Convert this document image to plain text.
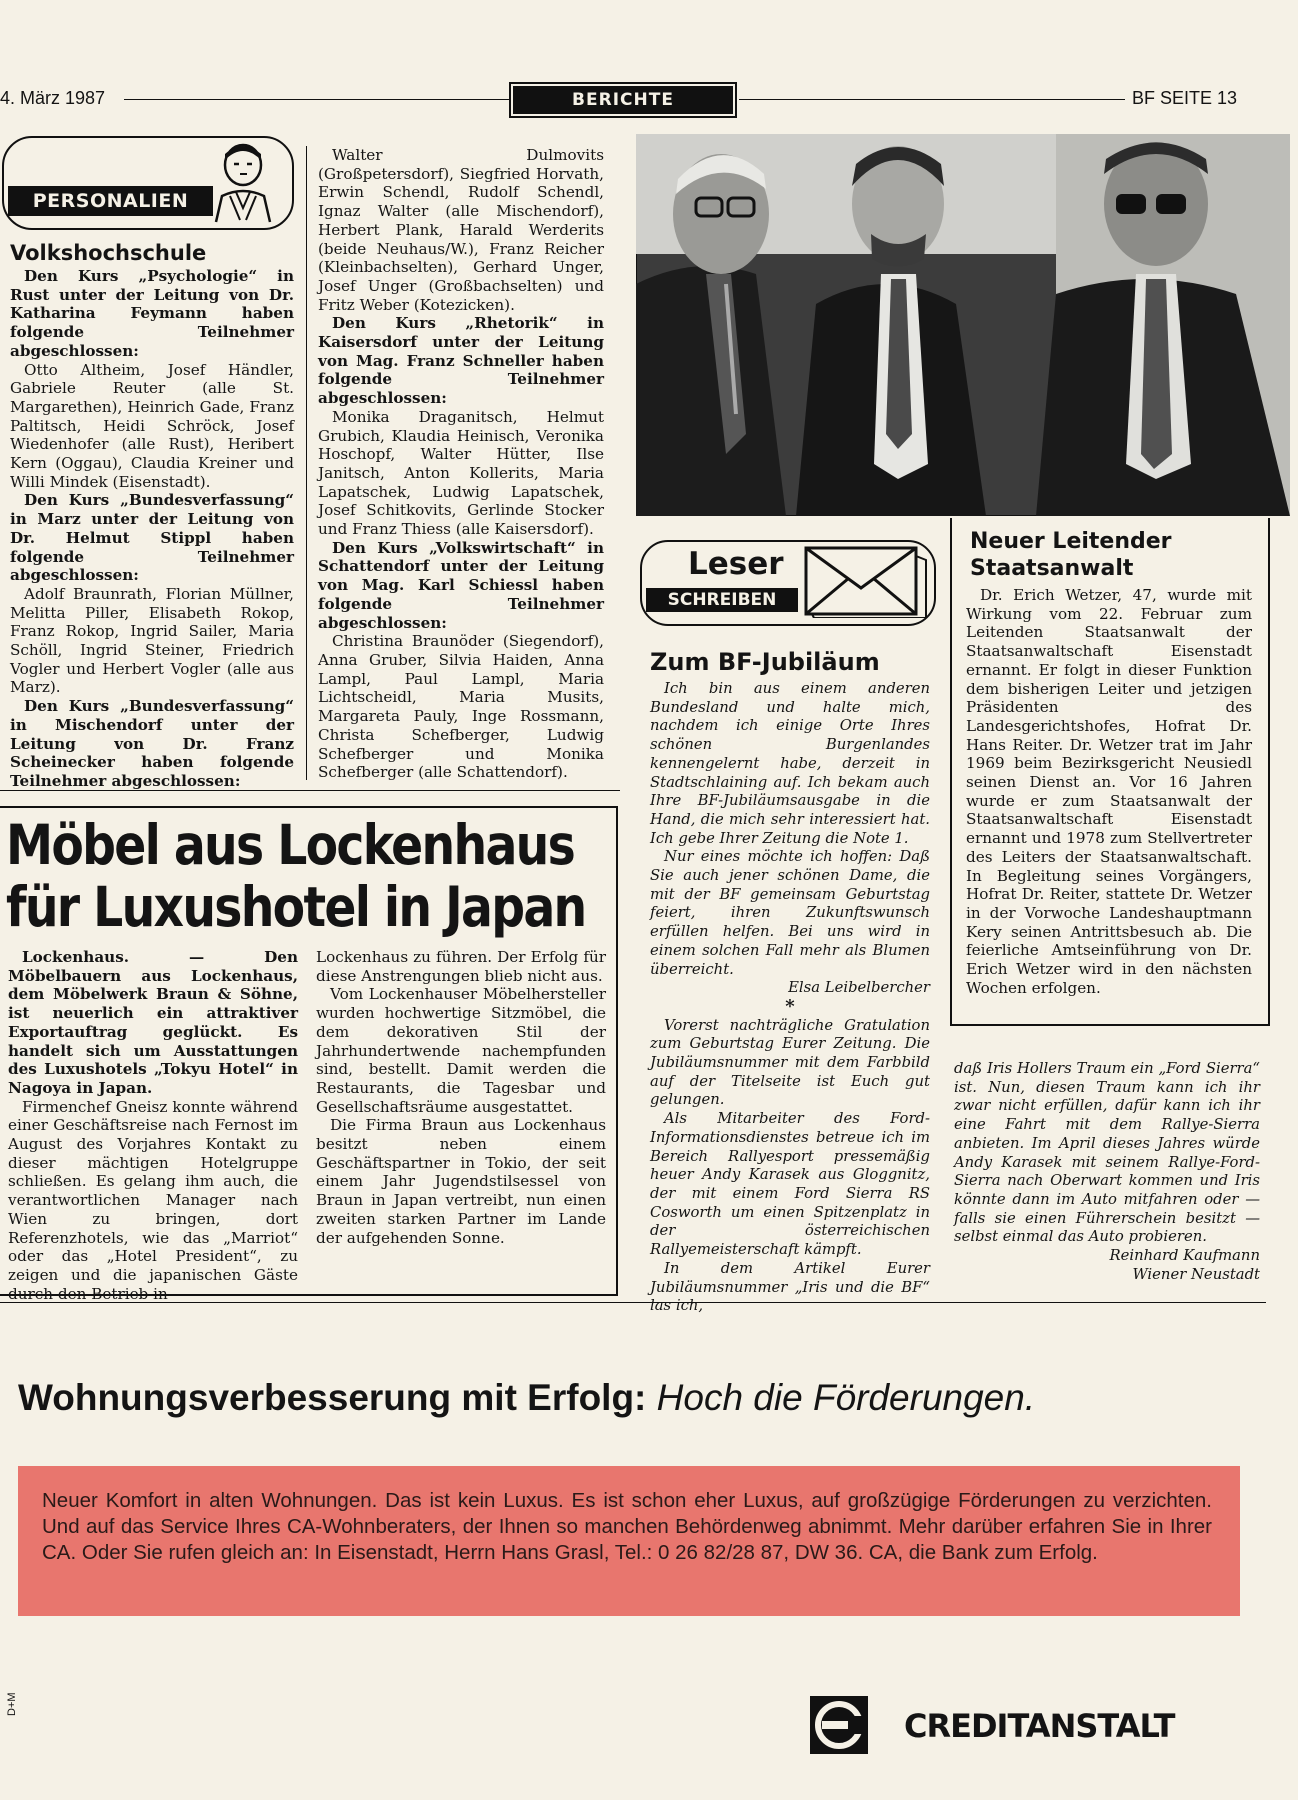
4. März 1987	BERICHTE	BF SEITE 13
PERSONALIEN
Volkshochschule

Den Kurs „Psychologie“ in Rust unter der Leitung von Dr. Katharina Feymann haben folgende Teilnehmer abgeschlossen:

Otto Altheim, Josef Händler, Gabriele Reuter (alle St. Margarethen), Heinrich Gade, Franz Paltitsch, Heidi Schröck, Josef Wiedenhofer (alle Rust), Heribert Kern (Oggau), Claudia Kreiner und Willi Mindek (Eisenstadt).

Den Kurs „Bundesverfassung“ in Marz unter der Leitung von Dr. Helmut Stippl haben folgende Teilnehmer abgeschlossen:

Adolf Braunrath, Florian Müllner, Melitta Piller, Elisabeth Rokop, Franz Rokop, Ingrid Sailer, Maria Schöll, Ingrid Steiner, Friedrich Vogler und Herbert Vogler (alle aus Marz).

Den Kurs „Bundesverfassung“ in Mischendorf unter der Leitung von Dr. Franz Scheinecker haben folgende Teilnehmer abgeschlossen:

Walter Dulmovits (Großpetersdorf), Siegfried Horvath, Erwin Schendl, Rudolf Schendl, Ignaz Walter (alle Mischendorf), Herbert Plank, Harald Werderits (beide Neuhaus/W.), Franz Reicher (Kleinbachselten), Gerhard Unger, Josef Unger (Großbachselten) und Fritz Weber (Kotezicken).

Den Kurs „Rhetorik“ in Kaisersdorf unter der Leitung von Mag. Franz Schneller haben folgende Teilnehmer abgeschlossen:

Monika Draganitsch, Helmut Grubich, Klaudia Heinisch, Veronika Hoschopf, Walter Hütter, Ilse Janitsch, Anton Kollerits, Maria Lapatschek, Ludwig Lapatschek, Josef Schitkovits, Gerlinde Stocker und Franz Thiess (alle Kaisersdorf).

Den Kurs „Volkswirtschaft“ in Schattendorf unter der Leitung von Mag. Karl Schiessl haben folgende Teilnehmer abgeschlossen:

Christina Braunöder (Siegendorf), Anna Gruber, Silvia Haiden, Anna Lampl, Paul Lampl, Maria Lichtscheidl, Maria Musits, Margareta Pauly, Inge Rossmann, Christa Schefberger, Ludwig Schefberger und Monika Schefberger (alle Schattendorf).

Leser
SCHREIBEN
Zum BF-Jubiläum

Ich bin aus einem anderen Bundesland und halte mich, nachdem ich einige Orte Ihres schönen Burgenlandes kennengelernt habe, derzeit in Stadtschlaining auf. Ich bekam auch Ihre BF-Jubiläumsausgabe in die Hand, die mich sehr interessiert hat. Ich gebe Ihrer Zeitung die Note 1.

Nur eines möchte ich hoffen: Daß Sie auch jener schönen Dame, die mit der BF gemeinsam Geburtstag feiert, ihren Zukunftswunsch erfüllen helfen. Bei uns wird in einem solchen Fall mehr als Blumen überreicht.

Elsa Leibelbercher

*

Vorerst nachträgliche Gratulation zum Geburtstag Eurer Zeitung. Die Jubiläumsnummer mit dem Farbbild auf der Titelseite ist Euch gut gelungen.

Als Mitarbeiter des Ford-Informationsdienstes betreue ich im Bereich Rallyesport pressemäßig heuer Andy Karasek aus Gloggnitz, der mit einem Ford Sierra RS Cosworth um einen Spitzenplatz in der österreichischen Rallyemeisterschaft kämpft.

In dem Artikel Eurer Jubiläumsnummer „Iris und die BF“ las ich,

daß Iris Hollers Traum ein „Ford Sierra“ ist. Nun, diesen Traum kann ich ihr zwar nicht erfüllen, dafür kann ich ihr eine Fahrt mit dem Rallye-Sierra anbieten. Im April dieses Jahres würde Andy Karasek mit seinem Rallye-Ford-Sierra nach Oberwart kommen und Iris könnte dann im Auto mitfahren oder — falls sie einen Führerschein besitzt — selbst einmal das Auto probieren.

Reinhard Kaufmann

Wiener Neustadt

Neuer Leitender
Staatsanwalt

Dr. Erich Wetzer, 47, wurde mit Wirkung vom 22. Februar zum Leitenden Staatsanwalt der Staatsanwaltschaft Eisenstadt ernannt. Er folgt in dieser Funktion dem bisherigen Leiter und jetzigen Präsidenten des Landesgerichtshofes, Hofrat Dr. Hans Reiter. Dr. Wetzer trat im Jahr 1969 beim Bezirksgericht Neusiedl seinen Dienst an. Vor 16 Jahren wurde er zum Staatsanwalt der Staatsanwaltschaft Eisenstadt ernannt und 1978 zum Stellvertreter des Leiters der Staatsanwaltschaft. In Begleitung seines Vorgängers, Hofrat Dr. Reiter, stattete Dr. Wetzer in der Vorwoche Landeshauptmann Kery seinen Antrittsbesuch ab. Die feierliche Amtseinführung von Dr. Erich Wetzer wird in den nächsten Wochen erfolgen.

Möbel aus Lockenhaus
für Luxushotel in Japan

Lockenhaus. — Den Möbelbauern aus Lockenhaus, dem Möbelwerk Braun & Söhne, ist neuerlich ein attraktiver Exportauftrag geglückt. Es handelt sich um Ausstattungen des Luxushotels „Tokyu Hotel“ in Nagoya in Japan.

Firmenchef Gneisz konnte während einer Geschäftsreise nach Fernost im August des Vorjahres Kontakt zu dieser mächtigen Hotelgruppe schließen. Es gelang ihm auch, die verantwortlichen Manager nach Wien zu bringen, dort Referenzhotels, wie das „Marriot“ oder das „Hotel President“, zu zeigen und die japanischen Gäste durch den Betrieb in

Lockenhaus zu führen. Der Erfolg für diese Anstrengungen blieb nicht aus.

Vom Lockenhauser Möbelhersteller wurden hochwertige Sitzmöbel, die dem dekorativen Stil der Jahrhundertwende nachempfunden sind, bestellt. Damit werden die Restaurants, die Tagesbar und Gesellschaftsräume ausgestattet.

Die Firma Braun aus Lockenhaus besitzt neben einem Geschäftspartner in Tokio, der seit einem Jahr Jugendstilsessel von Braun in Japan vertreibt, nun einen zweiten starken Partner im Lande der aufgehenden Sonne.

Wohnungsverbesserung mit Erfolg: Hoch die Förderungen.

Neuer Komfort in alten Wohnungen. Das ist kein Luxus. Es ist schon eher Luxus, auf großzügige Förderungen zu verzichten. Und auf das Service Ihres CA-Wohnberaters, der Ihnen so manchen Behördenweg abnimmt. Mehr darüber erfahren Sie in Ihrer CA. Oder Sie rufen gleich an: In Eisenstadt, Herrn Hans Grasl, Tel.: 0 26 82/28 87, DW 36. CA, die Bank zum Erfolg.

D+M
CREDITANSTALT
